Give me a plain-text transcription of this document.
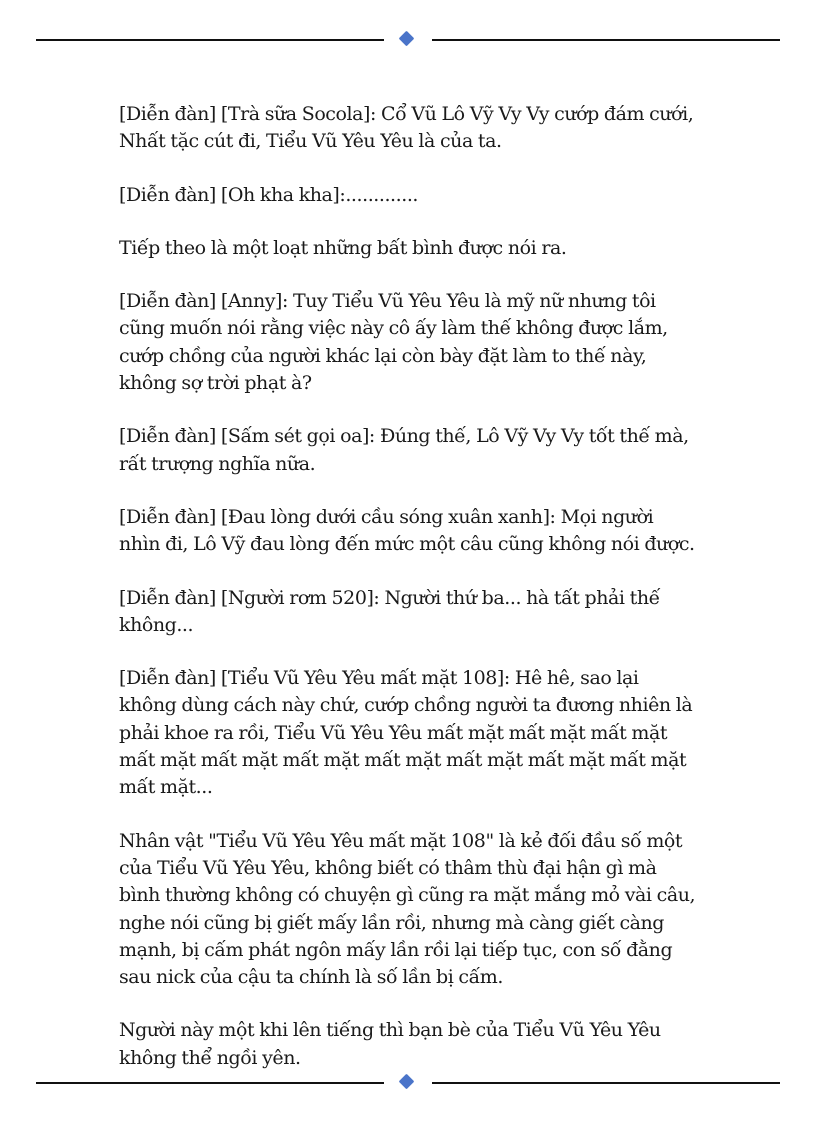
[Diễn đàn] [Trà sữa Socola]: Cổ Vũ Lô Vỹ Vy Vy cướp đám cưới, Nhất tặc cút đi, Tiểu Vũ Yêu Yêu là của ta.

[Diễn đàn] [Oh kha kha]:.............

Tiếp theo là một loạt những bất bình được nói ra.

[Diễn đàn] [Anny]: Tuy Tiểu Vũ Yêu Yêu là mỹ nữ nhưng tôi cũng muốn nói rằng việc này cô ấy làm thế không được lắm, cướp chồng của người khác lại còn bày đặt làm to thế này, không sợ trời phạt à?

[Diễn đàn] [Sấm sét gọi oa]: Đúng thế, Lô Vỹ Vy Vy tốt thế mà, rất trượng nghĩa nữa.

[Diễn đàn] [Đau lòng dưới cầu sóng xuân xanh]: Mọi người nhìn đi, Lô Vỹ đau lòng đến mức một câu cũng không nói được.

[Diễn đàn] [Người rơm 520]: Người thứ ba... hà tất phải thế không...

[Diễn đàn] [Tiểu Vũ Yêu Yêu mất mặt 108]: Hê hê, sao lại không dùng cách này chứ, cướp chồng người ta đương nhiên là phải khoe ra rồi, Tiểu Vũ Yêu Yêu mất mặt mất mặt mất mặt mất mặt mất mặt mất mặt mất mặt mất mặt mất mặt mất mặt mất mặt...

Nhân vật "Tiểu Vũ Yêu Yêu mất mặt 108" là kẻ đối đầu số một của Tiểu Vũ Yêu Yêu, không biết có thâm thù đại hận gì mà bình thường không có chuyện gì cũng ra mặt mắng mỏ vài câu, nghe nói cũng bị giết mấy lần rồi, nhưng mà càng giết càng mạnh, bị cấm phát ngôn mấy lần rồi lại tiếp tục, con số đằng sau nick của cậu ta chính là số lần bị cấm.

Người này một khi lên tiếng thì bạn bè của Tiểu Vũ Yêu Yêu không thể ngồi yên.
